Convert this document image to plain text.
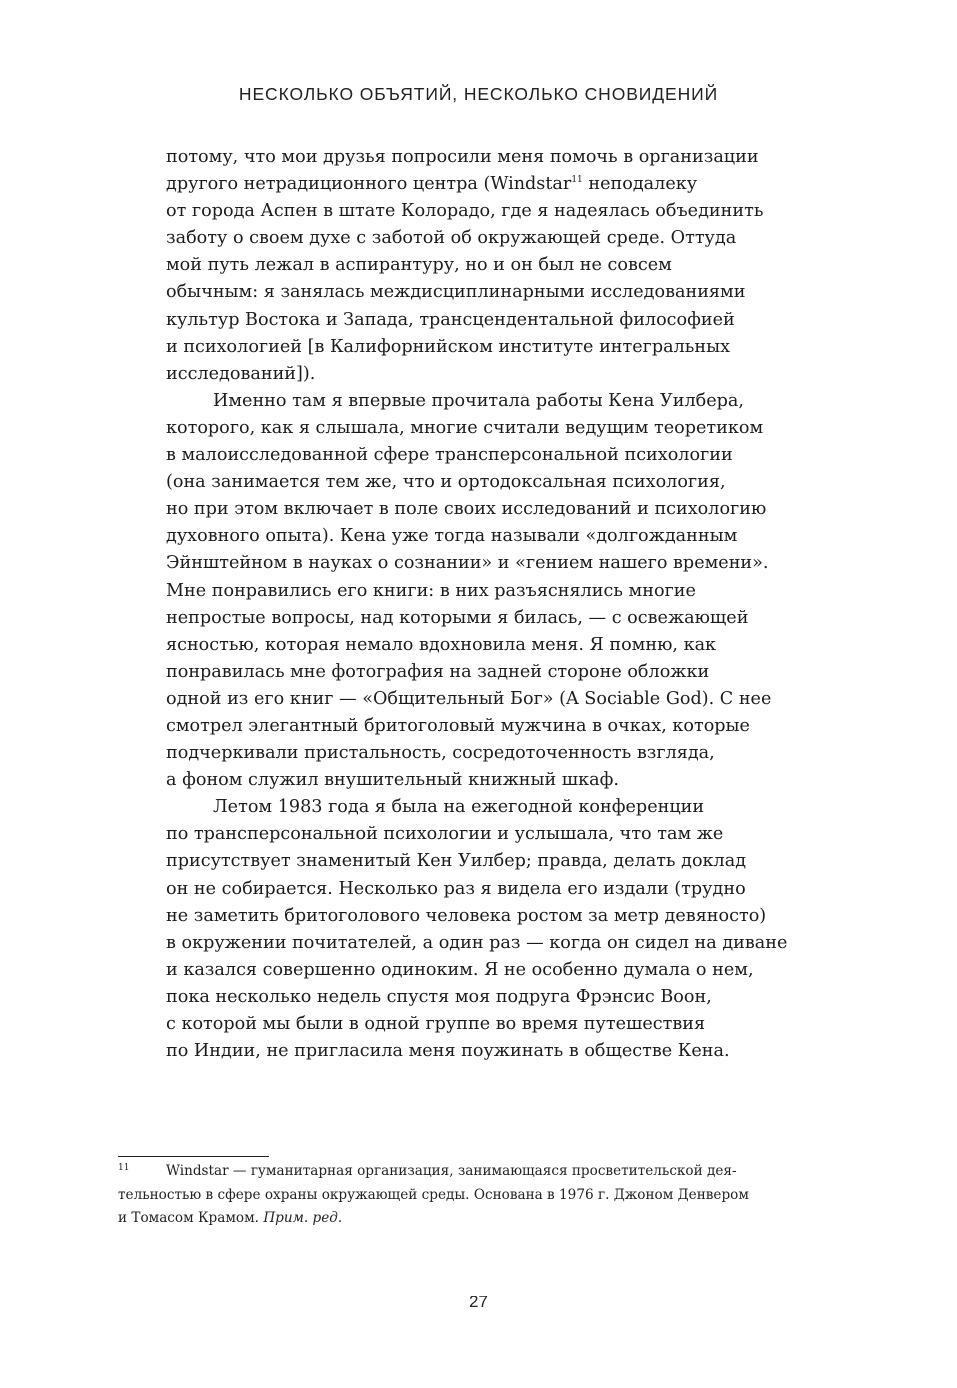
НЕСКОЛЬКО ОБЪЯТИЙ, НЕСКОЛЬКО СНОВИДЕНИЙ
потому, что мои друзья попросили меня помочь в организации
другого нетрадиционного центра (Windstar$^{11}$ неподалеку
от города Аспен в штате Колорадо, где я надеялась объединить
заботу о своем духе с заботой об окружающей среде. Оттуда
мой путь лежал в аспирантуру, но и он был не совсем
обычным: я занялась междисциплинарными исследованиями
культур Востока и Запада, трансцендентальной философией
и психологией [в Калифорнийском институте интегральных
исследований]).
Именно там я впервые прочитала работы Кена Уилбера,
которого, как я слышала, многие считали ведущим теоретиком
в малоисследованной сфере трансперсональной психологии
(она занимается тем же, что и ортодоксальная психология,
но при этом включает в поле своих исследований и психологию
духовного опыта). Кена уже тогда называли «долгожданным
Эйнштейном в науках о сознании» и «гением нашего времени».
Мне понравились его книги: в них разъяснялись многие
непростые вопросы, над которыми я билась, — с освежающей
ясностью, которая немало вдохновила меня. Я помню, как
понравилась мне фотография на задней стороне обложки
одной из его книг — «Общительный Бог» (A Sociable God). С нее
смотрел элегантный бритоголовый мужчина в очках, которые
подчеркивали пристальность, сосредоточенность взгляда,
а фоном служил внушительный книжный шкаф.
Летом 1983 года я была на ежегодной конференции
по трансперсональной психологии и услышала, что там же
присутствует знаменитый Кен Уилбер; правда, делать доклад
он не собирается. Несколько раз я видела его издали (трудно
не заметить бритоголового человека ростом за метр девяносто)
в окружении почитателей, а один раз — когда он сидел на диване
и казался совершенно одиноким. Я не особенно думала о нем,
пока несколько недель спустя моя подруга Фрэнсис Воон,
с которой мы были в одной группе во время путешествия
по Индии, не пригласила меня поужинать в обществе Кена.
11	Windstar — гуманитарная организация, занимающаяся просветительской дея-
тельностью в сфере охраны окружающей среды. Основана в 1976 г. Джоном Денвером
и Томасом Крамом. Прим. ред.
27
